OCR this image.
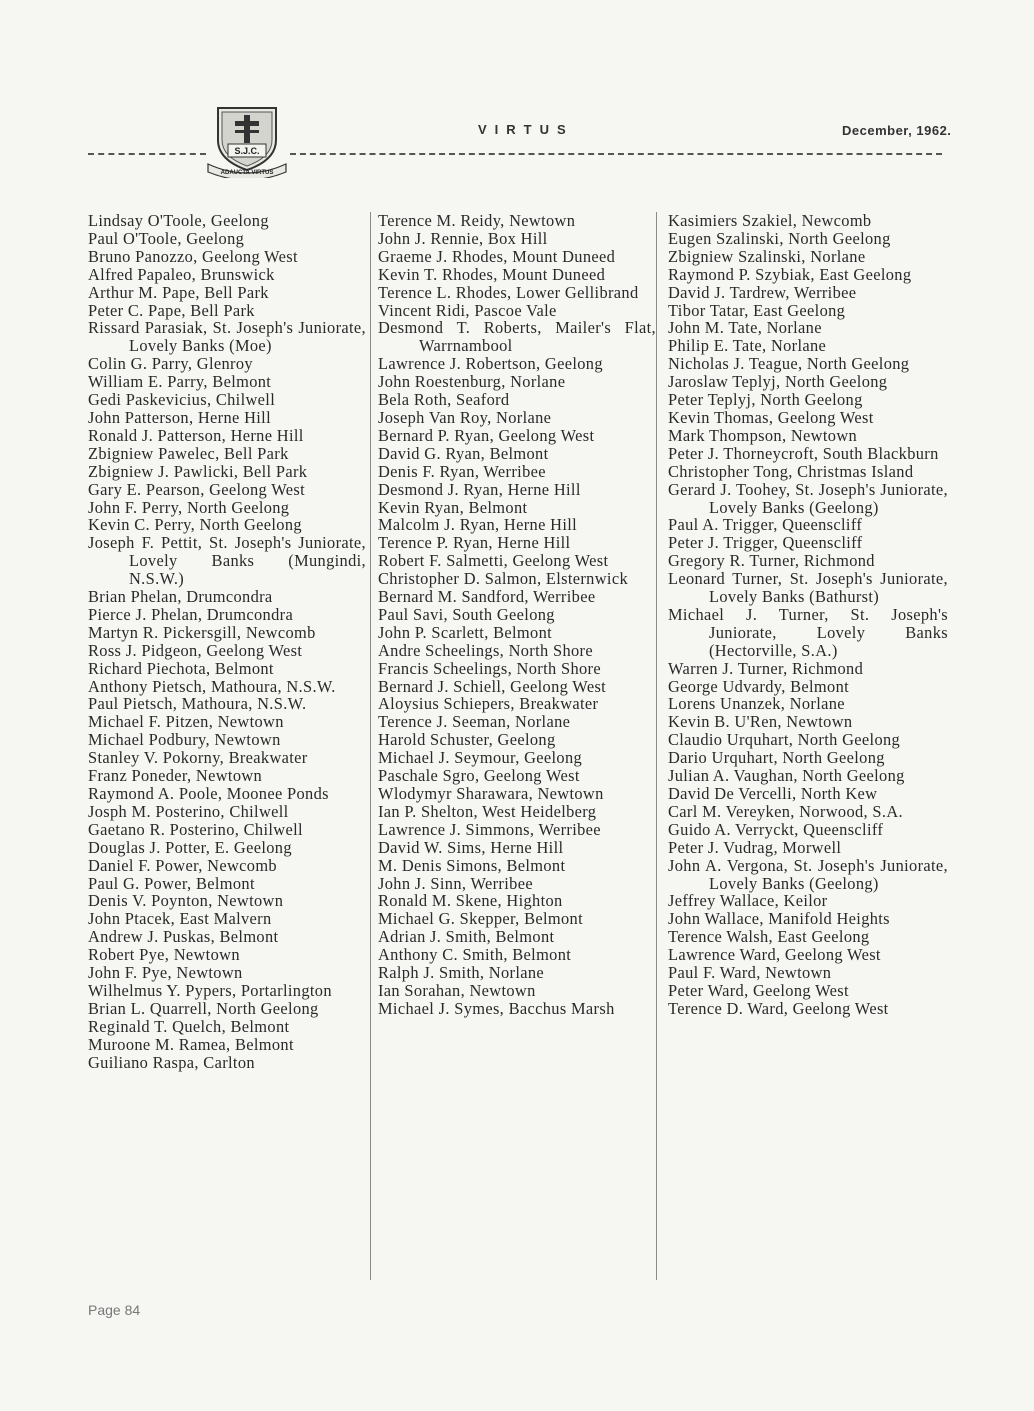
S.J.C.
ADAUCTA VIRTUS
VIRTUS	December, 1962.
Lindsay O'Toole, Geelong
Paul O'Toole, Geelong
Bruno Panozzo, Geelong West
Alfred Papaleo, Brunswick
Arthur M. Pape, Bell Park
Peter C. Pape, Bell Park
Rissard Parasiak, St. Joseph's Juniorate, Lovely Banks (Moe)
Colin G. Parry, Glenroy
William E. Parry, Belmont
Gedi Paskevicius, Chilwell
John Patterson, Herne Hill
Ronald J. Patterson, Herne Hill
Zbigniew Pawelec, Bell Park
Zbigniew J. Pawlicki, Bell Park
Gary E. Pearson, Geelong West
John F. Perry, North Geelong
Kevin C. Perry, North Geelong
Joseph F. Pettit, St. Joseph's Juniorate, Lovely Banks (Mungindi, N.S.W.)
Brian Phelan, Drumcondra
Pierce J. Phelan, Drumcondra
Martyn R. Pickersgill, Newcomb
Ross J. Pidgeon, Geelong West
Richard Piechota, Belmont
Anthony Pietsch, Mathoura, N.S.W.
Paul Pietsch, Mathoura, N.S.W.
Michael F. Pitzen, Newtown
Michael Podbury, Newtown
Stanley V. Pokorny, Breakwater
Franz Poneder, Newtown
Raymond A. Poole, Moonee Ponds
Josph M. Posterino, Chilwell
Gaetano R. Posterino, Chilwell
Douglas J. Potter, E. Geelong
Daniel F. Power, Newcomb
Paul G. Power, Belmont
Denis V. Poynton, Newtown
John Ptacek, East Malvern
Andrew J. Puskas, Belmont
Robert Pye, Newtown
John F. Pye, Newtown
Wilhelmus Y. Pypers, Portarlington
Brian L. Quarrell, North Geelong
Reginald T. Quelch, Belmont
Muroone M. Ramea, Belmont
Guiliano Raspa, Carlton
Terence M. Reidy, Newtown
John J. Rennie, Box Hill
Graeme J. Rhodes, Mount Duneed
Kevin T. Rhodes, Mount Duneed
Terence L. Rhodes, Lower Gellibrand
Vincent Ridi, Pascoe Vale
Desmond T. Roberts, Mailer's Flat, Warrnambool
Lawrence J. Robertson, Geelong
John Roestenburg, Norlane
Bela Roth, Seaford
Joseph Van Roy, Norlane
Bernard P. Ryan, Geelong West
David G. Ryan, Belmont
Denis F. Ryan, Werribee
Desmond J. Ryan, Herne Hill
Kevin Ryan, Belmont
Malcolm J. Ryan, Herne Hill
Terence P. Ryan, Herne Hill
Robert F. Salmetti, Geelong West
Christopher D. Salmon, Elsternwick
Bernard M. Sandford, Werribee
Paul Savi, South Geelong
John P. Scarlett, Belmont
Andre Scheelings, North Shore
Francis Scheelings, North Shore
Bernard J. Schiell, Geelong West
Aloysius Schiepers, Breakwater
Terence J. Seeman, Norlane
Harold Schuster, Geelong
Michael J. Seymour, Geelong
Paschale Sgro, Geelong West
Wlodymyr Sharawara, Newtown
Ian P. Shelton, West Heidelberg
Lawrence J. Simmons, Werribee
David W. Sims, Herne Hill
M. Denis Simons, Belmont
John J. Sinn, Werribee
Ronald M. Skene, Highton
Michael G. Skepper, Belmont
Adrian J. Smith, Belmont
Anthony C. Smith, Belmont
Ralph J. Smith, Norlane
Ian Sorahan, Newtown
Michael J. Symes, Bacchus Marsh
Kasimiers Szakiel, Newcomb
Eugen Szalinski, North Geelong
Zbigniew Szalinski, Norlane
Raymond P. Szybiak, East Geelong
David J. Tardrew, Werribee
Tibor Tatar, East Geelong
John M. Tate, Norlane
Philip E. Tate, Norlane
Nicholas J. Teague, North Geelong
Jaroslaw Teplyj, North Geelong
Peter Teplyj, North Geelong
Kevin Thomas, Geelong West
Mark Thompson, Newtown
Peter J. Thorneycroft, South Blackburn
Christopher Tong, Christmas Island
Gerard J. Toohey, St. Joseph's Juniorate, Lovely Banks (Geelong)
Paul A. Trigger, Queenscliff
Peter J. Trigger, Queenscliff
Gregory R. Turner, Richmond
Leonard Turner, St. Joseph's Juniorate, Lovely Banks (Bathurst)
Michael J. Turner, St. Joseph's Juniorate, Lovely Banks (Hectorville, S.A.)
Warren J. Turner, Richmond
George Udvardy, Belmont
Lorens Unanzek, Norlane
Kevin B. U'Ren, Newtown
Claudio Urquhart, North Geelong
Dario Urquhart, North Geelong
Julian A. Vaughan, North Geelong
David De Vercelli, North Kew
Carl M. Vereyken, Norwood, S.A.
Guido A. Verryckt, Queenscliff
Peter J. Vudrag, Morwell
John A. Vergona, St. Joseph's Juniorate, Lovely Banks (Geelong)
Jeffrey Wallace, Keilor
John Wallace, Manifold Heights
Terence Walsh, East Geelong
Lawrence Ward, Geelong West
Paul F. Ward, Newtown
Peter Ward, Geelong West
Terence D. Ward, Geelong West
Page 84
